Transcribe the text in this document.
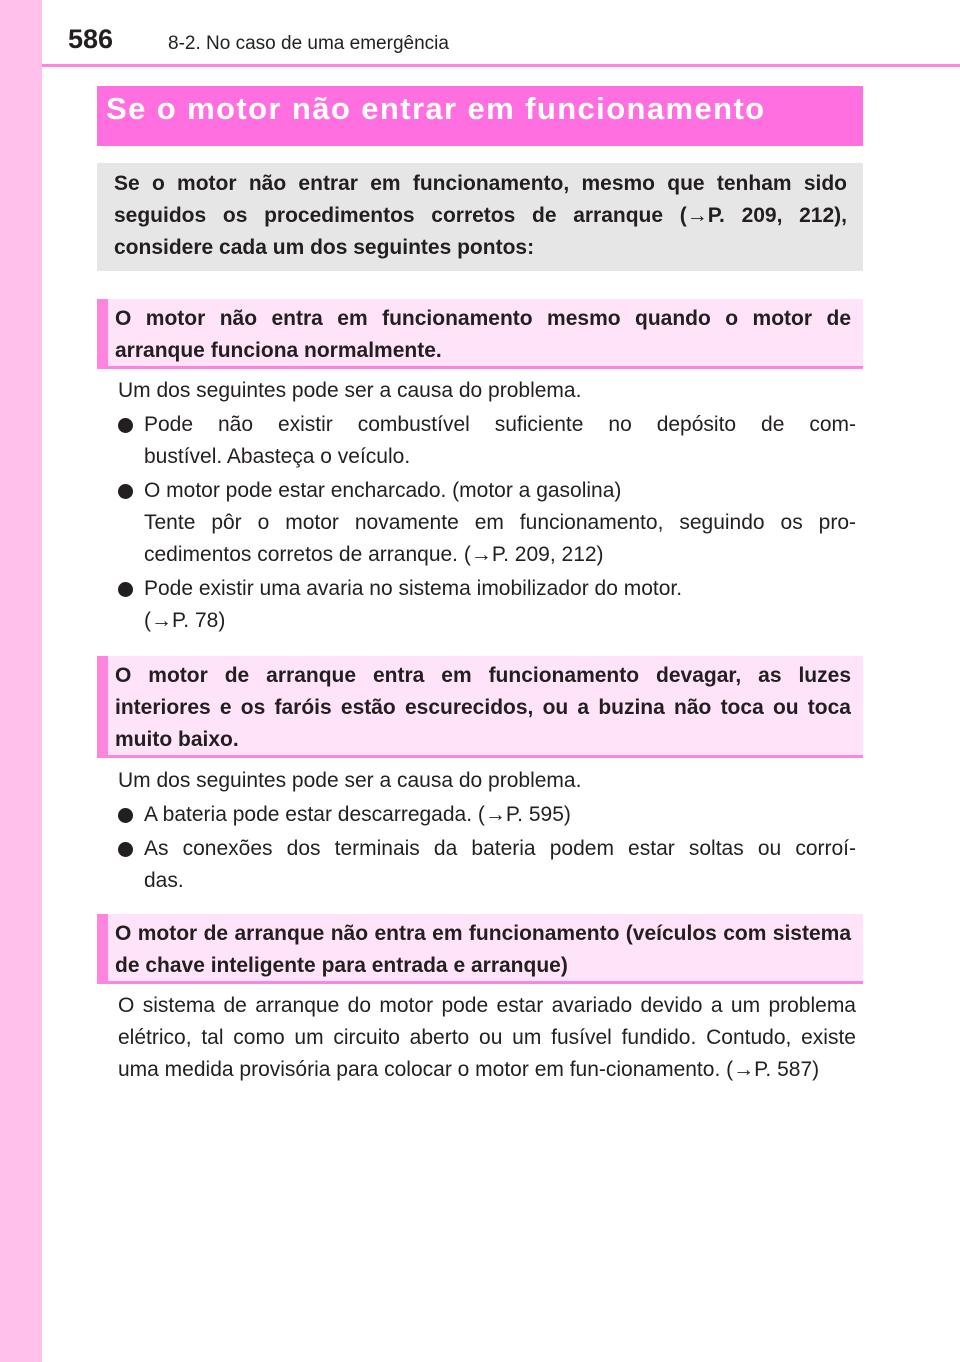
586	8-2. No caso de uma emergência
Se o motor não entrar em funcionamento
Se o motor não entrar em funcionamento, mesmo que tenham sido seguidos os procedimentos corretos de arranque (→P. 209, 212), considere cada um dos seguintes pontos:
O motor não entra em funcionamento mesmo quando o motor de arranque funciona normalmente.

Um dos seguintes pode ser a causa do problema.

Pode não existir combustível suficiente no depósito de com-
bustível. Abasteça o veículo.
O motor pode estar encharcado. (motor a gasolina)
Tente pôr o motor novamente em funcionamento, seguindo os pro-
cedimentos corretos de arranque. (→P. 209, 212)
Pode existir uma avaria no sistema imobilizador do motor.
(→P. 78)
O motor de arranque entra em funcionamento devagar, as luzes interiores e os faróis estão escurecidos, ou a buzina não toca ou toca muito baixo.

Um dos seguintes pode ser a causa do problema.

A bateria pode estar descarregada. (→P. 595)
As conexões dos terminais da bateria podem estar soltas ou corroí-
das.
O motor de arranque não entra em funcionamento (veículos com sistema de chave inteligente para entrada e arranque)

O sistema de arranque do motor pode estar avariado devido a um problema elétrico, tal como um circuito aberto ou um fusível fundido. Contudo, existe uma medida provisória para colocar o motor em fun-cionamento. (→P. 587)
